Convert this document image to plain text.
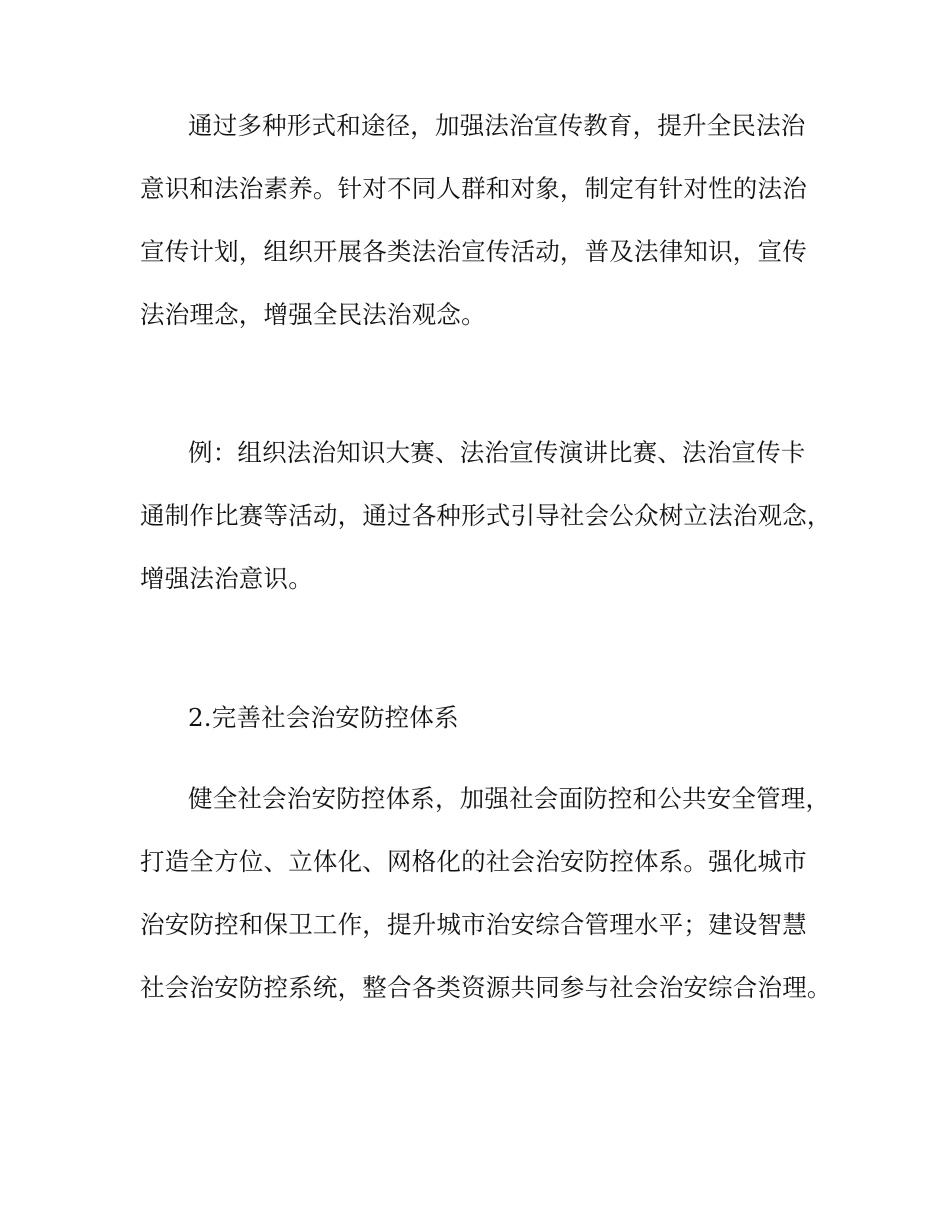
通过多种形式和途径，加强法治宣传教育，提升全民法治

意识和法治素养。针对不同人群和对象，制定有针对性的法治

宣传计划，组织开展各类法治宣传活动，普及法律知识，宣传

法治理念，增强全民法治观念。

例：组织法治知识大赛、法治宣传演讲比赛、法治宣传卡

通制作比赛等活动，通过各种形式引导社会公众树立法治观念，

增强法治意识。

2.完善社会治安防控体系

健全社会治安防控体系，加强社会面防控和公共安全管理，

打造全方位、立体化、网格化的社会治安防控体系。强化城市

治安防控和保卫工作，提升城市治安综合管理水平；建设智慧

社会治安防控系统，整合各类资源共同参与社会治安综合治理。
